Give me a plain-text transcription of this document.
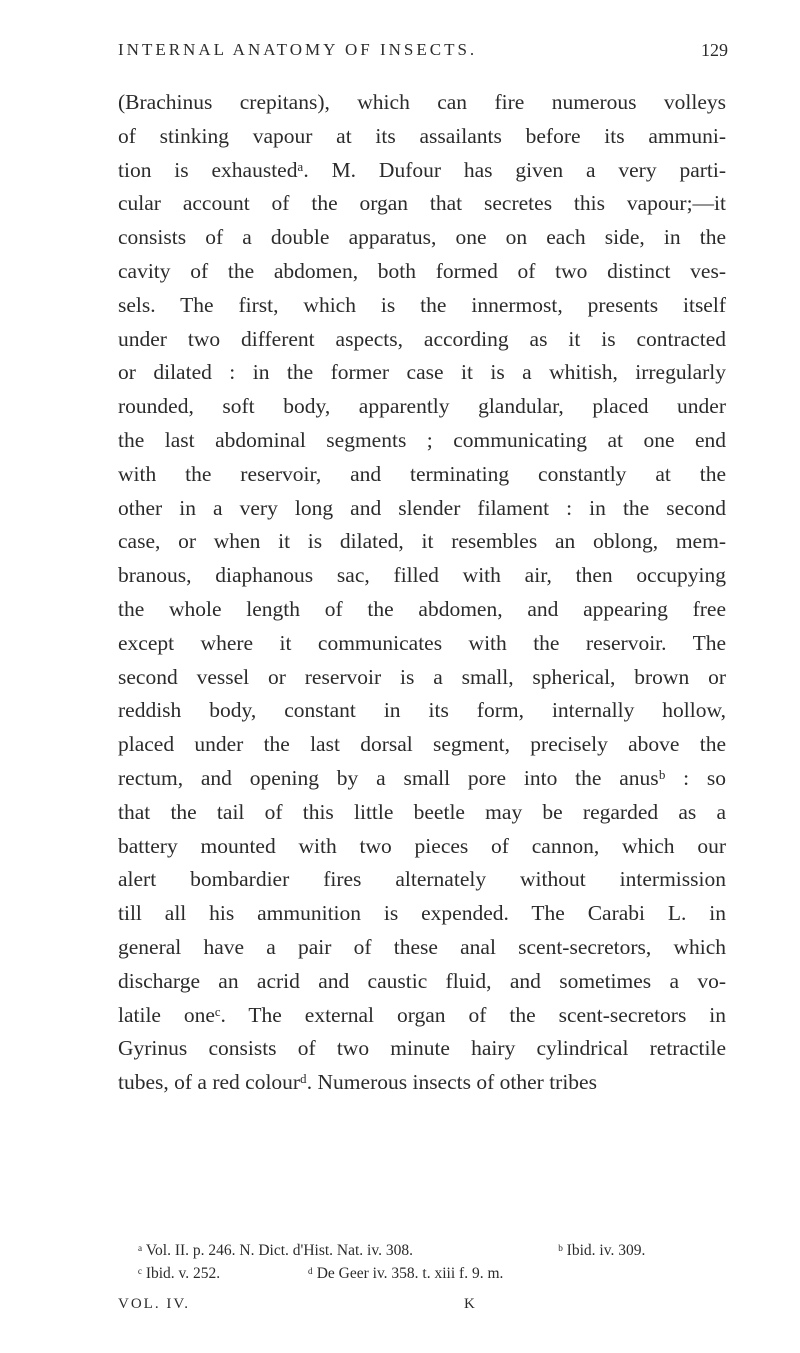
INTERNAL ANATOMY OF INSECTS.	129
(Brachinus crepitans), which can fire numerous volleys
of stinking vapour at its assailants before its ammuni-
tion is exhaustedᵃ. M. Dufour has given a very parti-
cular account of the organ that secretes this vapour;—it
consists of a double apparatus, one on each side, in the
cavity of the abdomen, both formed of two distinct ves-
sels. The first, which is the innermost, presents itself
under two different aspects, according as it is contracted
or dilated : in the former case it is a whitish, irregularly
rounded, soft body, apparently glandular, placed under
the last abdominal segments ; communicating at one end
with the reservoir, and terminating constantly at the
other in a very long and slender filament : in the second
case, or when it is dilated, it resembles an oblong, mem-
branous, diaphanous sac, filled with air, then occupying
the whole length of the abdomen, and appearing free
except where it communicates with the reservoir. The
second vessel or reservoir is a small, spherical, brown or
reddish body, constant in its form, internally hollow,
placed under the last dorsal segment, precisely above the
rectum, and opening by a small pore into the anusᵇ : so
that the tail of this little beetle may be regarded as a
battery mounted with two pieces of cannon, which our
alert bombardier fires alternately without intermission
till all his ammunition is expended. The Carabi L. in
general have a pair of these anal scent-secretors, which
discharge an acrid and caustic fluid, and sometimes a vo-
latile oneᶜ. The external organ of the scent-secretors in
Gyrinus consists of two minute hairy cylindrical retractile
tubes, of a red colourᵈ. Numerous insects of other tribes
ᵃ Vol. II. p. 246. N. Dict. d'Hist. Nat. iv. 308.	ᵇ Ibid. iv. 309.
ᶜ Ibid. v. 252.	ᵈ De Geer iv. 358. t. xiii f. 9. m.
VOL. IV.	K
